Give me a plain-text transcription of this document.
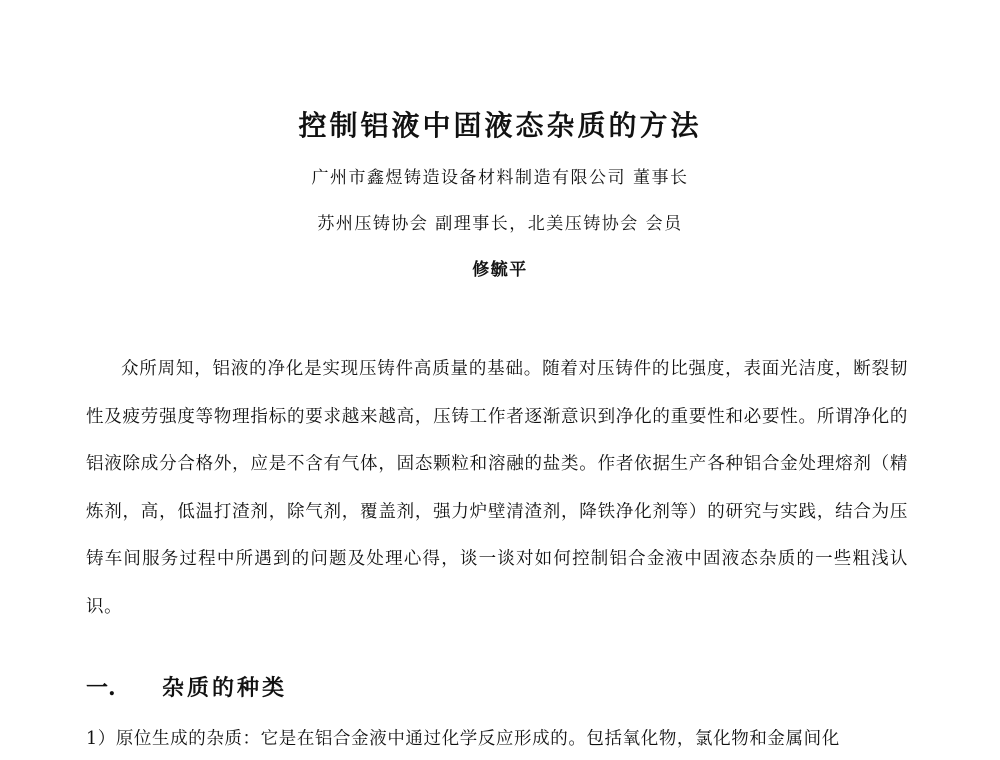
控制铝液中固液态杂质的方法
广州市鑫煜铸造设备材料制造有限公司 董事长
苏州压铸协会 副理事长，北美压铸协会 会员
修毓平

众所周知，铝液的净化是实现压铸件高质量的基础。随着对压铸件的比强度，表面光洁度，断裂韧性及疲劳强度等物理指标的要求越来越高，压铸工作者逐渐意识到净化的重要性和必要性。所谓净化的铝液除成分合格外，应是不含有气体，固态颗粒和溶融的盐类。作者依据生产各种铝合金处理熔剂（精炼剂，高，低温打渣剂，除气剂，覆盖剂，强力炉壁清渣剂，降铁净化剂等）的研究与实践，结合为压铸车间服务过程中所遇到的问题及处理心得，谈一谈对如何控制铝合金液中固液态杂质的一些粗浅认识。

一. 杂质的种类
1）原位生成的杂质：它是在铝合金液中通过化学反应形成的。包括氧化物，氯化物和金属间化
